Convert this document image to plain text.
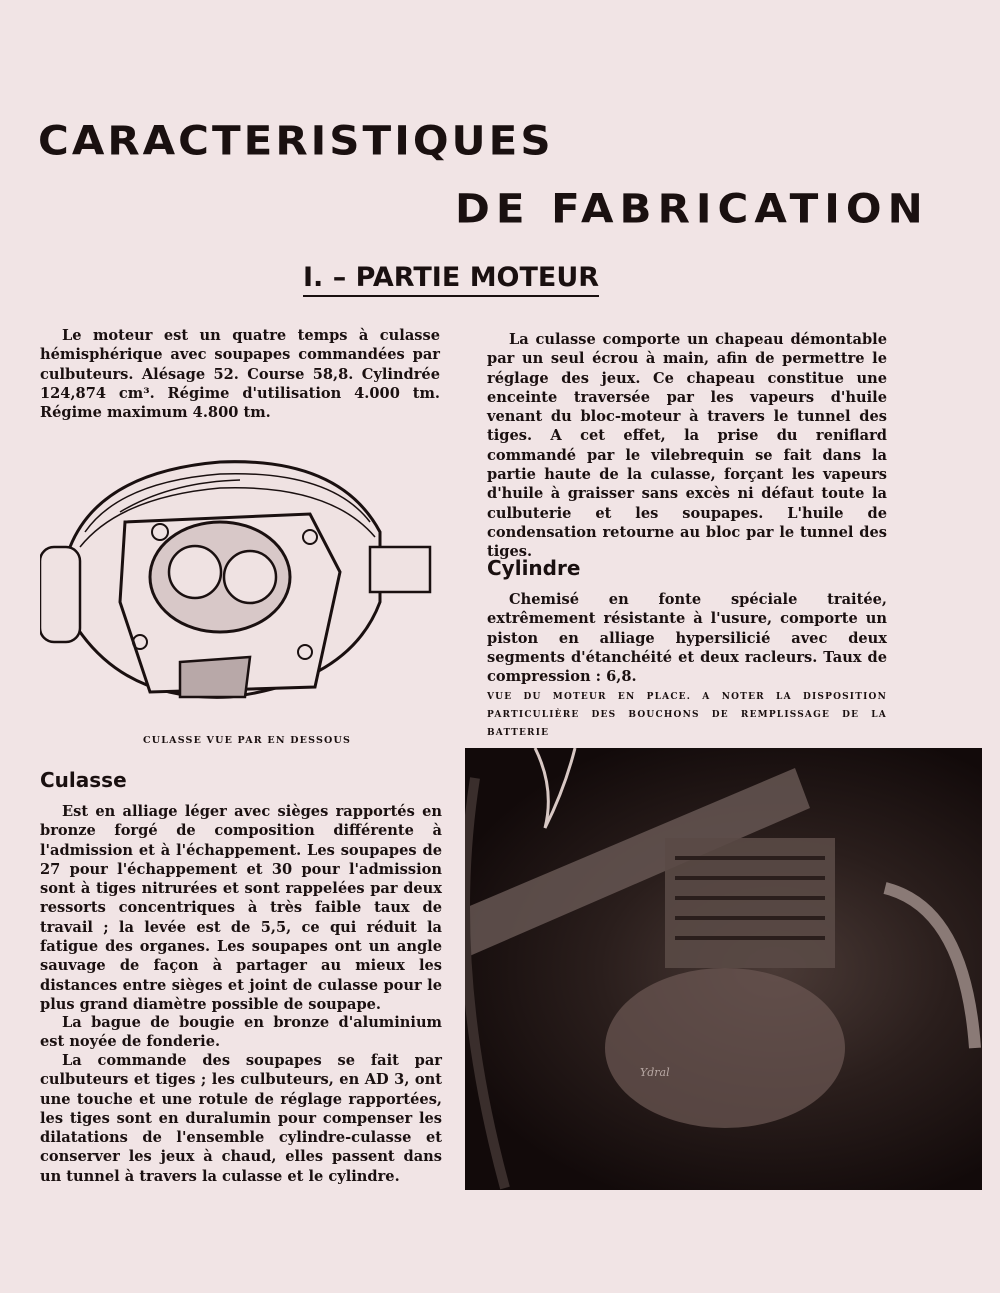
CARACTERISTIQUES
DE FABRICATION
I. – PARTIE MOTEUR

Le moteur est un quatre temps à culasse hémisphérique avec soupapes commandées par culbuteurs. Alésage 52. Course 58,8. Cylindrée 124,874 cm³. Régime d'utilisation 4.000 tm. Régime maximum 4.800 tm.

CULASSE VUE PAR EN DESSOUS
Culasse

Est en alliage léger avec sièges rapportés en bronze forgé de composition différente à l'admission et à l'échappement. Les soupapes de 27 pour l'échappement et 30 pour l'admission sont à tiges nitrurées et sont rappelées par deux ressorts concentriques à très faible taux de travail ; la levée est de 5,5, ce qui réduit la fatigue des organes. Les soupapes ont un angle sauvage de façon à partager au mieux les distances entre sièges et joint de culasse pour le plus grand diamètre possible de soupape.

La bague de bougie en bronze d'aluminium est noyée de fonderie.

La commande des soupapes se fait par culbuteurs et tiges ; les culbuteurs, en AD 3, ont une touche et une rotule de réglage rapportées, les tiges sont en duralumin pour compenser les dilatations de l'ensemble cylindre-culasse et conserver les jeux à chaud, elles passent dans un tunnel à travers la culasse et le cylindre.

La culasse comporte un chapeau démontable par un seul écrou à main, afin de permettre le réglage des jeux. Ce chapeau constitue une enceinte traversée par les vapeurs d'huile venant du bloc-moteur à travers le tunnel des tiges. A cet effet, la prise du reniflard commandé par le vilebrequin se fait dans la partie haute de la culasse, forçant les vapeurs d'huile à graisser sans excès ni défaut toute la culbuterie et les soupapes. L'huile de condensation retourne au bloc par le tunnel des tiges.

Cylindre

Chemisé en fonte spéciale traitée, extrêmement résistante à l'usure, comporte un piston en alliage hypersilicié avec deux segments d'étanchéité et deux racleurs. Taux de compression : 6,8.

VUE DU MOTEUR EN PLACE. A NOTER LA DISPOSITION PARTICULIÈRE DES BOUCHONS DE REMPLISSAGE DE LA BATTERIE
Ydral
